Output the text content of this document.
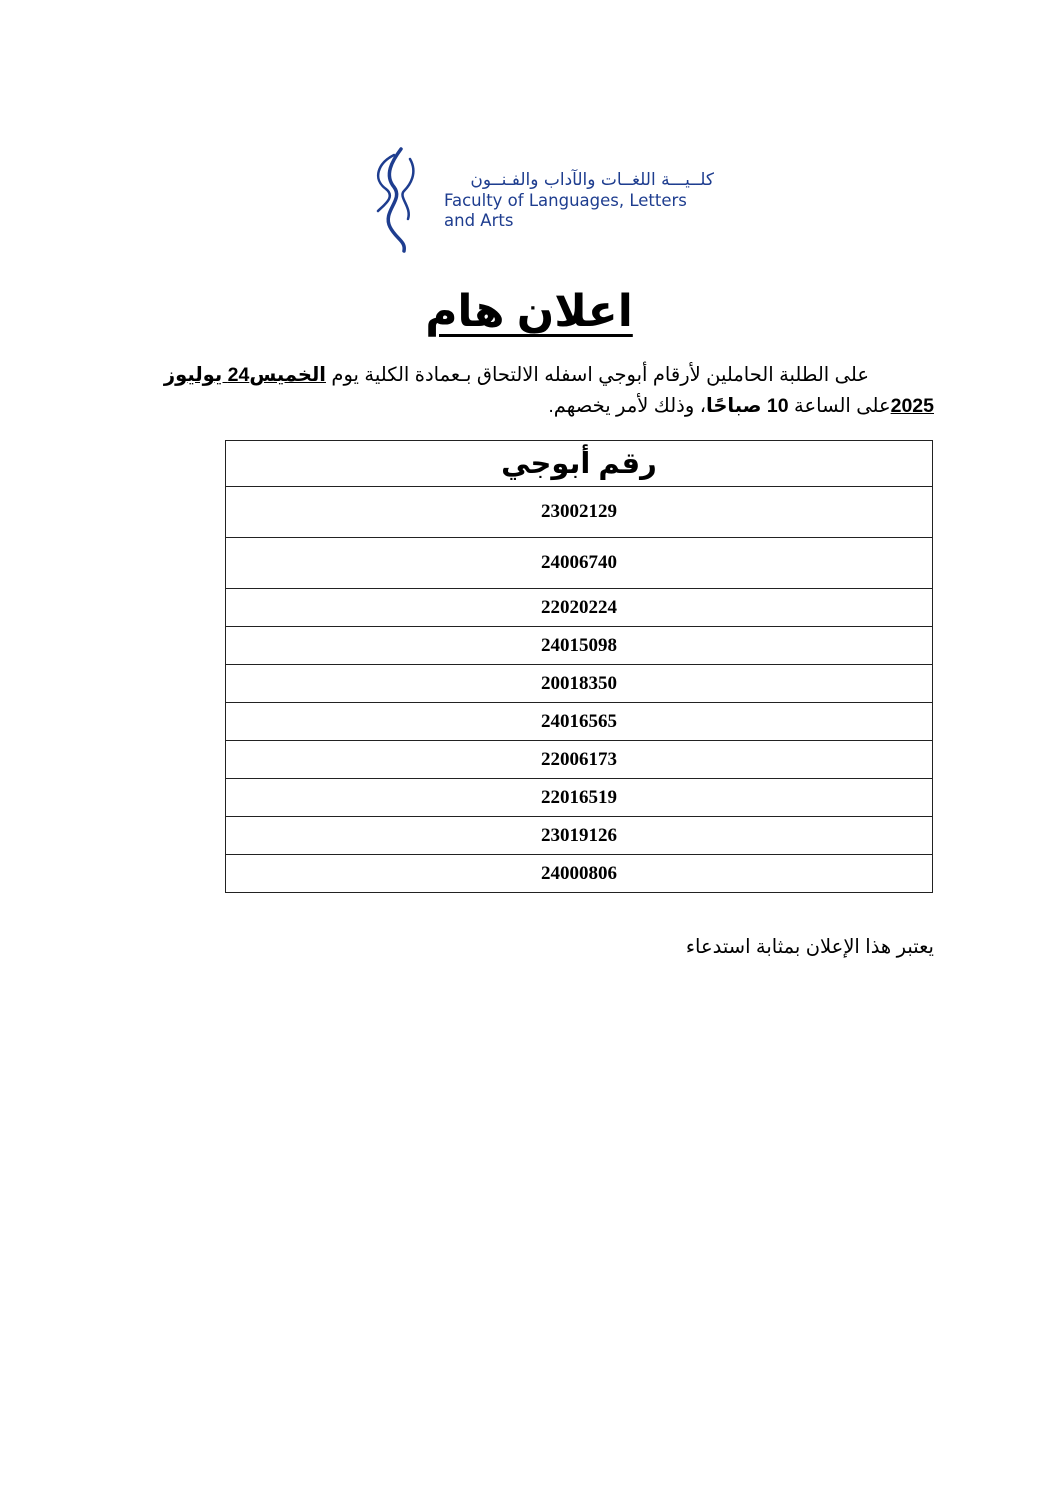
كلــيـــة اللغــات والآداب والفـنــون
Faculty of Languages, Letters
and Arts
اعلان هام
على الطلبة الحاملين لأرقام أبوجي اسفله الالتحاق بـعمادة الكلية يوم الخميس
24 يوليوز
2025على الساعة 10 صباحًا، وذلك لأمر يخصهم.
رقم أبوجي
23002129
24006740
22020224
24015098
20018350
24016565
22006173
22016519
23019126
24000806
يعتبر هذا الإعلان بمثابة استدعاء
